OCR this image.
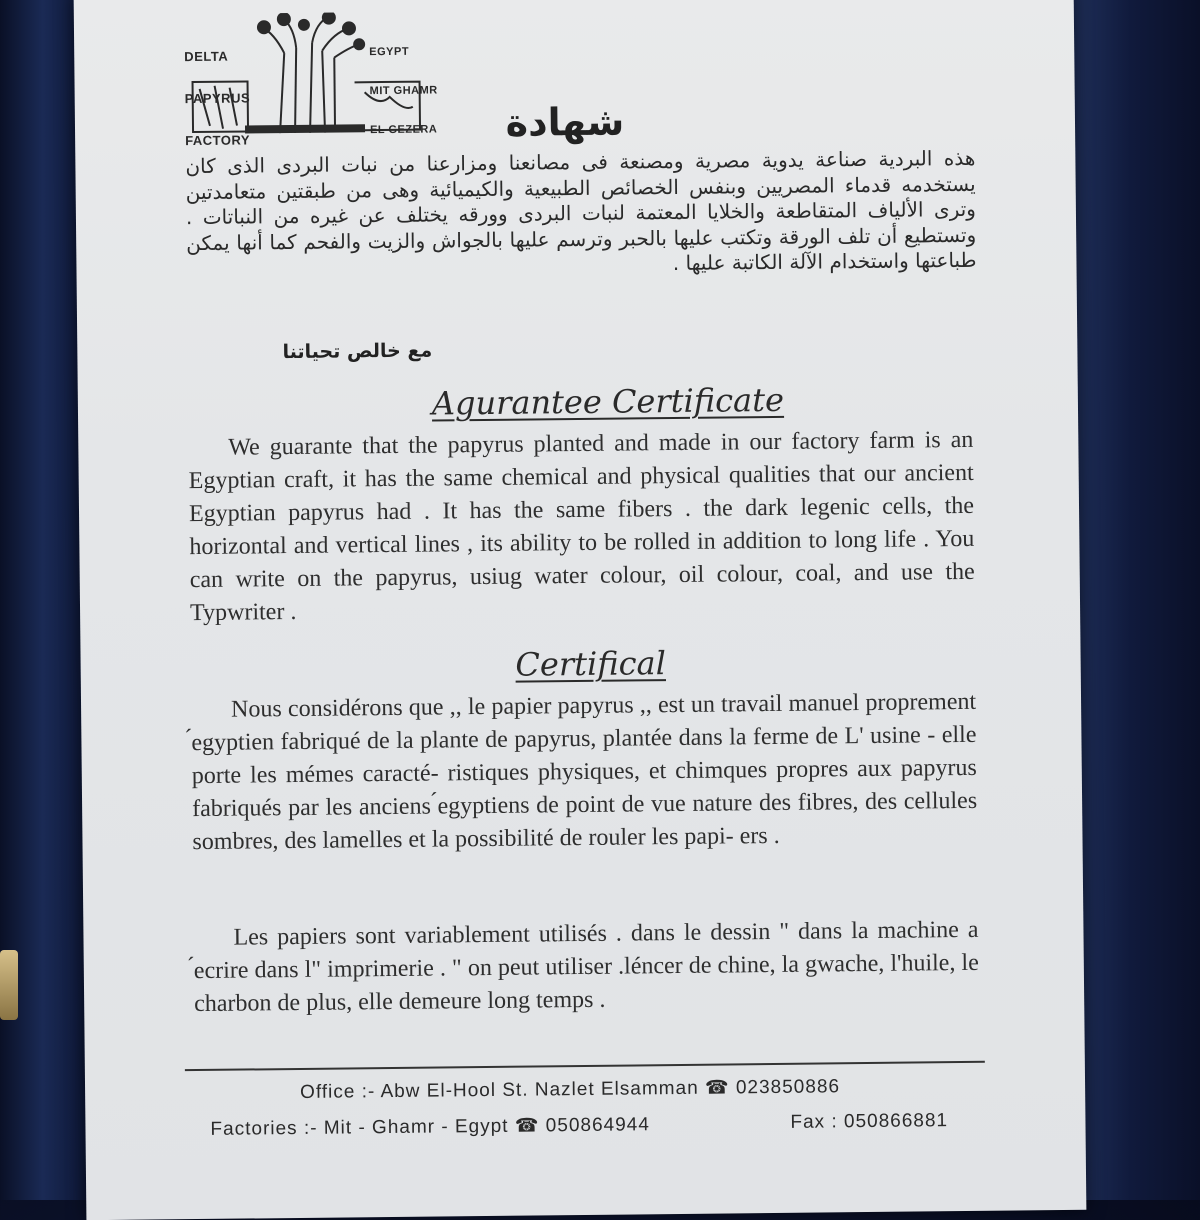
DELTA

PAPYRUS

FACTORY

EGYPT

MIT GHAMR

EL GEZERA

	شهادة
هذه البردية صناعة يدوية مصرية ومصنعة فى مصانعنا ومزارعنا من نبات البردى الذى كان يستخدمه قدماء المصريين وبنفس الخصائص الطبيعية والكيميائية وهى من طبقتين متعامدتين وترى الألياف المتقاطعة والخلايا المعتمة لنبات البردى وورقه يختلف عن غيره من النباتات . وتستطيع أن تلف الورقة وتكتب عليها بالحبر وترسم عليها بالجواش والزيت والفحم كما أنها يمكن طباعتها واستخدام الآلة الكاتبة عليها .
مع خالص تحياتنا
Agurantee Certificate

We guarante that the papyrus planted and made in our factory farm is an Egyptian craft, it has the same chemical and physical qualities that our ancient Egyptian papyrus had . It has the same fibers . the dark legenic cells, the horizontal and vertical lines , its ability to be rolled in addition to long life . You can write on the papyrus, usiug water colour, oil colour, coal, and use the Typwriter .

Certifical

Nous considérons que ,, le papier papyrus ,, est un travail manuel proprement ́egyptien fabriqué de la plante de papyrus, plantée dans la ferme de L' usine - elle porte les mémes caracté- ristiques physiques, et chimques propres aux papyrus fabriqués par les anciens ́egyptiens de point de vue nature des fibres, des cellules sombres, des lamelles et la possibilité de rouler les papi- ers .

Les papiers sont variablement utilisés . dans le dessin " dans la machine a ́ecrire dans l" imprimerie . " on peut utiliser .léncer de chine, la gwache, l'huile, le charbon de plus, elle demeure long temps .

Office :- Abw El-Hool St. Nazlet Elsamman ☎ 023850886
Factories :- Mit - Ghamr - Egypt ☎ 050864944	Fax : 050866881
